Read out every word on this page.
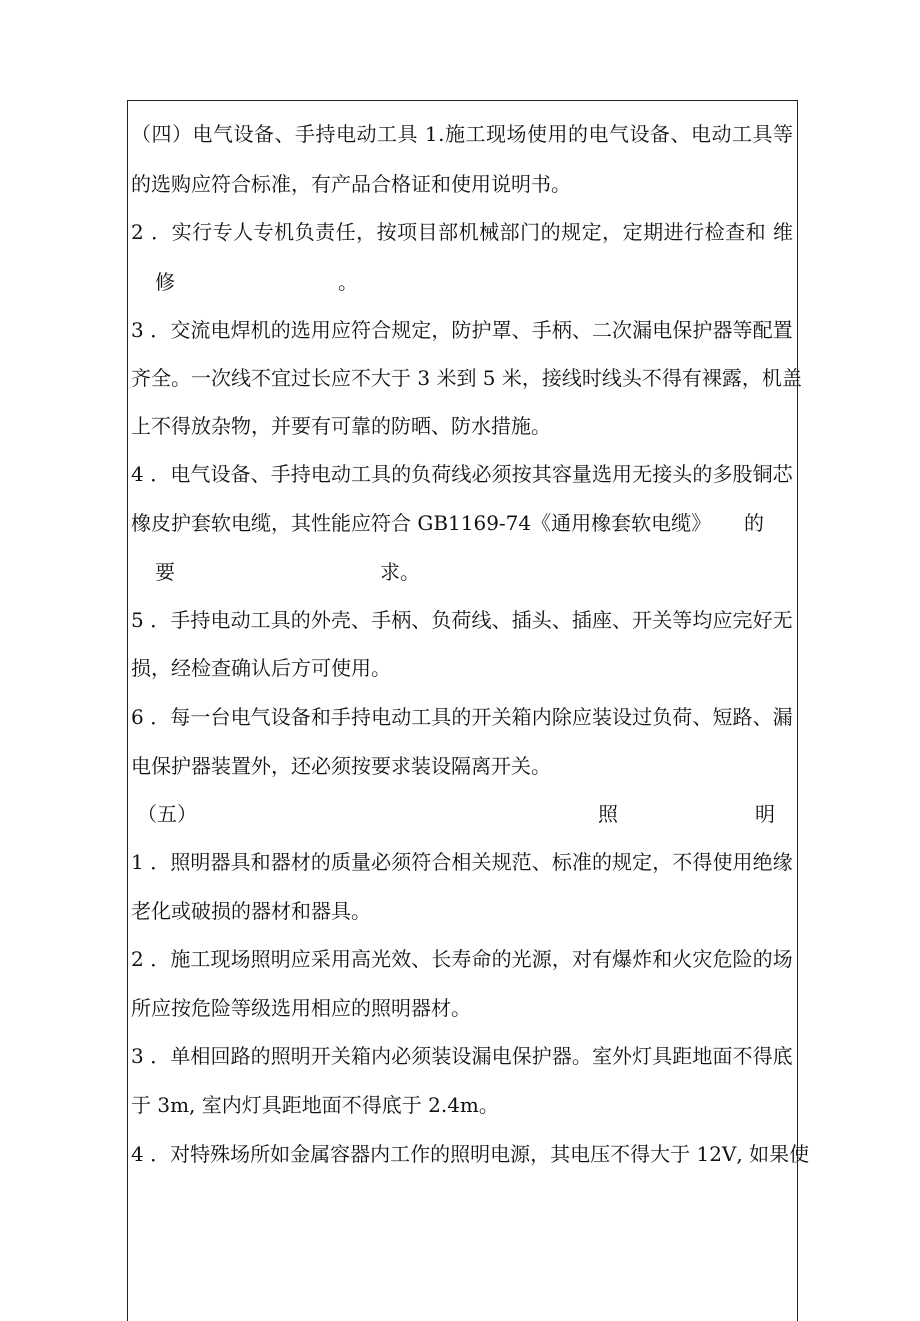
（ 四 ） 电 气 设 备 、 手 持 电 动 工 具
1 . 施 工 现 场 使 用 的 电 气 设 备 、 电 动 工 具 等
的选购应符合标准，有产品合格证和使用说明书。
2
． 实 行 专 人 专 机 负 责 任 ， 按 项 目 部 机 械 部 门 的 规 定 ， 定 期 进 行 检 查 和
维
修	。
3
． 交 流 电 焊 机 的 选 用 应 符 合 规 定 ， 防 护 罩 、 手 柄 、 二 次 漏 电 保 护 器 等 配 置
齐全。一次线不宜过长应不大于 3 米到 5 米，接线时线头不得有裸露，机盖
上不得放杂物，并要有可靠的防晒、防水措施。
4
． 电 气 设 备 、 手 持 电 动 工 具 的 负 荷 线 必 须 按 其 容 量 选 用 无 接 头 的 多 股 铜 芯
橡皮护套软电缆，其性能应符合 GB1169-74《通用橡套软电缆》 的
要	求。
5
． 手 持 电 动 工 具 的 外 壳 、 手 柄 、 负 荷 线 、 插 头 、 插 座 、 开 关 等 均 应 完 好 无
损，经检查确认后方可使用。
6
． 每 一 台 电 气 设 备 和 手 持 电 动 工 具 的 开 关 箱 内 除 应 装 设 过 负 荷 、 短 路 、 漏
电保护器装置外，还必须按要求装设隔离开关。
（五）	照	明
1
． 照 明 器 具 和 器 材 的 质 量 必 须 符 合 相 关 规 范 、 标 准 的 规 定 ， 不 得 使 用 绝 缘
老化或破损的器材和器具。
2
． 施 工 现 场 照 明 应 采 用 高 光 效 、 长 寿 命 的 光 源 ， 对 有 爆 炸 和 火 灾 危 险 的 场
所应按危险等级选用相应的照明器材。
3
． 单 相 回 路 的 照 明 开 关 箱 内 必 须 装 设 漏 电 保 护 器 。 室 外 灯 具 距 地 面 不 得 底
于 3m, 室内灯具距地面不得底于 2.4m。
4
． 对 特 殊 场 所 如 金 属 容 器 内 工 作 的 照 明 电 源 ， 其 电 压 不 得 大 于
1 2 V ,
如 果 使
